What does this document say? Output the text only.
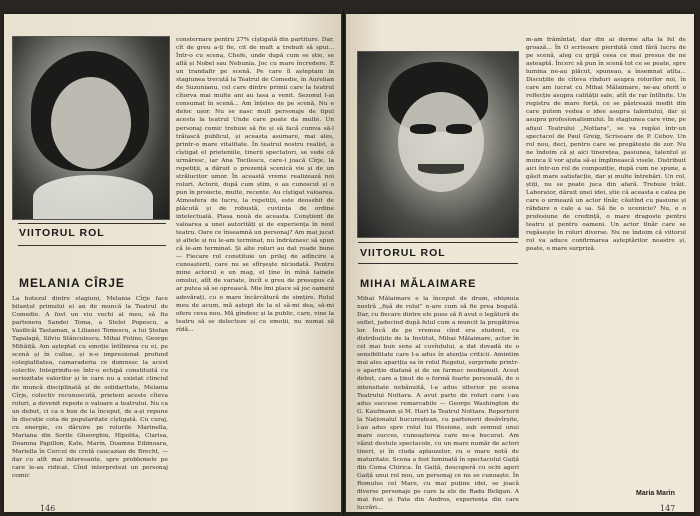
VIITORUL ROL
MELANIA CÎRJE
La botezul dintre stagiuni, Melania Cîrje face bilanțul primului ei an de muncă la Teatrul de Comedie. A fost un viu vechi al meu, să fiu partenera Sandei Toma, a Stelei Popescu, a Vasilicăi Tastaman, a Lilianei Tomescu, a lui Ștefan Tapalagă, Silviu Stănculescu, Mihai Fotino, George Mihăiță. Am așteptat cu emoție întîlnirea cu ei, pe scenă și în culise, și n-o impresionat profund colegialitatea, camaraderia ce domnesc la acest colectiv. Integrindu-se într-o echipă constituită cu seriozitate valorilor și în care nu a existat clinciul de muncă disciplinată și de solidaritate, Melania Cîrje, colectiv recunoscută, prieteni aceste cîteva roluri, a devenit repede o valoare a teatrului. Nu ca un debut, ci ca o bun de la început, de a-și repune în discuție cota de popularitate cîștigată. Cu curaj, cu energie, cu dăruire pe rolurile Marinella, Mariana din Sorile Gheorghiu, Hipolita, Clarisa, Doamna Papillon, Kate, Marin, Doamna Edimoara, Mariella în Cercul de cretă caucazian de Brecht, — dar cu atît mai interesante, spre problemele pe care le-au ridicat. Cînd interpretezi un personaj comic
consternare pentru 27% cîștigată din partiture. Dar, cît de greu a-ți fie, cit de mult a trebuit să spui... Într-o cu scena, Chefe, unde după cum se știe, se află și Nobel sau Nebunia. Joc cu mare încredere. E un trandafir pe scenă. Pe care îl așteptam in stagiunea trecută la Teatrul de Comedie, în Aurelian de Suzunianu, cel care dintre primii care la teatrul cîtorva mai multe ani au lasa a venit. Sezonul l-ai consumat în scenă... Am înțeles de pe scenă, Nu e deloc ușor. Nu se nasc mult personaje de tipul acesta la teatrul Unde care poate da multe. Un personaj comic trebuie să fie și să facă cumva să-l trăiască publicul, și aceasta asumare, mai ales, printr-o mare vitalitate. În teatrul nostru realist, a cîștigat el prieteniile, tinerii spectatori, se vede că urmăresc, iar Ana Tocilescu, care-i joacă Cîrje, la repetiții, a dăruit o prezență scenică vie și de un strălucitor umor. În această vreme realizează noi roluri. Actorii, după cum știm, o au cunoscut și o pun în proiecte, multe, recente. Au cîștigat valoarea. Atmosfera de lucru, la repetiții, este deosebit de plăcută și de robustă, cuviința de ordine intelectuală. Plasa nouă de aceasta. Conștient de valoarea a unei autorități și de experiența în noul teatru. Oare ce înseamnă un personaj? Am mai jucat și altele și nu le-am terminat, nu îndrăznesc să spun că le-am terminat. Și alte roluri au dat roade bune — Fiecare rol constituie un prilej de adîncire a cunoașterii, care nu se sfîrșește niciodată. Pentru mine actorul e un mag, el ține în mînă tainele omului, atît de variate, încît e greu de presupus că ar putea să se oprească. Mie îmi place să joc oameni adevărați, cu o mare încărcătură de simțire. Rolul meu de acum, mă aștept de la el să-mi dea, să-mi ofere ceva nou. Mă gîndesc și la public, care, vine la teatru să se delecteze și cu emoții, nu numai să rîdă...
146
VIITORUL ROL
MIHAI MĂLAIMARE
Mihai Mălaimare e la început de drum, obișnuia nostră „fișă de rolul” n-are cum să fie prea bogată. Dar, cu fiecare dintre ele puse să fi avut o legătură de suflet, judecind după felul cum a muncit la pregătirea lor. Încă de pe vremea cînd era student, cu distribuțiile de la Institut, Mihai Mălaimare, actor în cel mai bun sens al cuvîntului, a dat dovadă de o sensibilitate care l-a adus în atenția criticii. Amintim mai ales apariția sa în rolul Regelui, surprinde printr-o apariție diafană și de un farmec neobișnuit. Acest debut, care a ținut de o formă foarte personală, de o intensitate nebănuită, l-a adus ulterior pe scena Teatrului Nottara. A avut parte de roluri care i-au adus succese remarcabile — George Washington de G. Kaufmann și M. Hart la Teatrul Nottara. Reportorii la Naționalul bucureștean, cu partenerii desăvîrșite, l-au adus spre rolul lui Hesione, sub semnul unui mare succes, cunoașterea care ne-a bucurat. Am văzut destule spectacole, cu un mare număr de actori tineri, și în ciuda aplauzelor, cu o mare notă de maturitate. Scena a fost luminată în spectacolul Gaiță din Coma Chirica. În Gaiță, descoperă cu ochi ageri Gaiță unui rol nou, un personaj ce nu se cunoaște. În Romulus cel Mare, cu mai puține idei, se joacă diverse personaje pe care la ele de Radu Beligan. A mai fost și Fata din Andros, experiența din care lucrări...
m-am frămîntat, dar din ai dorme alta la fel de groază... În O scrisoare pierdută cind fără lucru de pe scenă, aleg cu grijă ceea ce mai presus de ne așteaptă. Încerc să pun în scenă tot ce se poate, spre lumina ne-au plăcut, spuneau, a însemnat atîta... Discuțiile de cîteva rînduri asupra rolurilor noi, în care am lucrat cu Mihai Mălaimare, ne-au oferit o reflecție asupra calității sale, atît de rar întîlnite. Un registru de mare forță, ce se păstrează inedit din care putem vedea o idee asupra talentului, dar și asupra profesionalismului. În stagiunea care vine, pe afișul Teatrului „Nottara”, se va regăsi într-un spectacol de Paul Greig, Scrisoare de P. Cehov. Un rol nou, deci, pentru care se pregătește de zor. Nu ne îndoim că și aici tinerețea, pasiunea, talentul și munca îl vor ajuta să-și împlinească visele. Distribuit aici într-un rol de compoziție, după cum ne spune, a găsit mare satisfacție, dar și multe întrebări. Un rol, știți, nu se poate juca din afară. Trebuie trăit. Laborator, dăruit unei idei, știe că aceasta e calea pe care o urmează un actor tînăr, căutînd cu pasiune și răbdare o cale a sa. Să fie o ucenicie? Nu, e o profesiune de credință, o mare dragoste pentru teatru și pentru oameni. Un actor tînăr care se regăsește în roluri diverse. Nu ne îndoim că viitorul rol va aduce confirmarea așteptărilor noastre și, poate, o mare surpriză.
Maria Marin
147
